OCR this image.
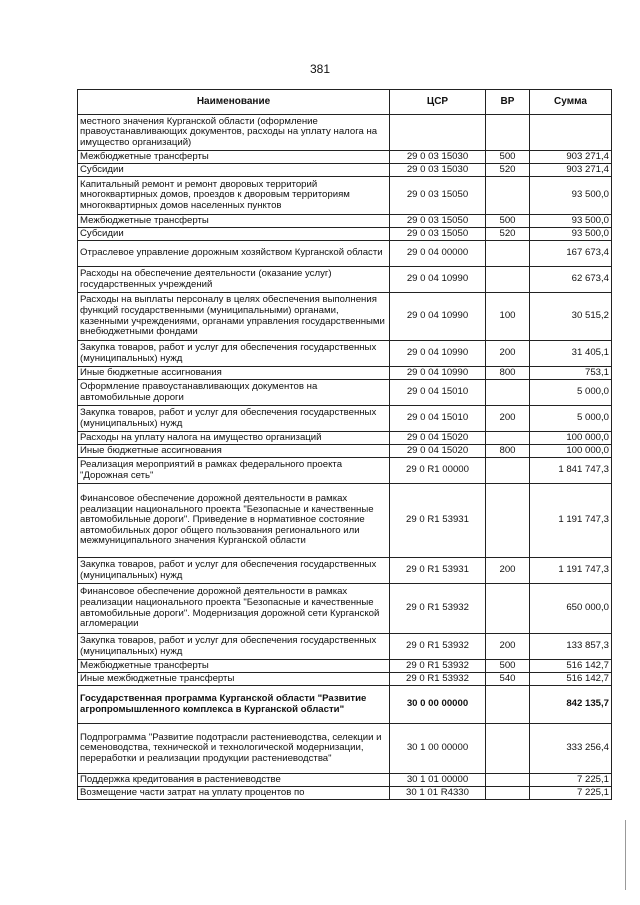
381
Наименование	ЦСР	ВР	Сумма
местного значения Курганской области (оформление правоустанавливающих документов, расходы на уплату налога на имущество организаций)			
Межбюджетные трансферты	29 0 03 15030	500	903 271,4
Субсидии	29 0 03 15030	520	903 271,4
Капитальный ремонт и ремонт дворовых территорий многоквартирных домов, проездов к дворовым территориям многоквартирных домов населенных пунктов	29 0 03 15050		93 500,0
Межбюджетные трансферты	29 0 03 15050	500	93 500,0
Субсидии	29 0 03 15050	520	93 500,0
Отраслевое управление дорожным хозяйством Курганской области	29 0 04 00000		167 673,4
Расходы на обеспечение деятельности (оказание услуг) государственных учреждений	29 0 04 10990		62 673,4
Расходы на выплаты персоналу в целях обеспечения выполнения функций государственными (муниципальными) органами, казенными учреждениями, органами управления государственными внебюджетными фондами	29 0 04 10990	100	30 515,2
Закупка товаров, работ и услуг для обеспечения государственных (муниципальных) нужд	29 0 04 10990	200	31 405,1
Иные бюджетные ассигнования	29 0 04 10990	800	753,1
Оформление правоустанавливающих документов на автомобильные дороги	29 0 04 15010		5 000,0
Закупка товаров, работ и услуг для обеспечения государственных (муниципальных) нужд	29 0 04 15010	200	5 000,0
Расходы на уплату налога на имущество организаций	29 0 04 15020		100 000,0
Иные бюджетные ассигнования	29 0 04 15020	800	100 000,0
Реализация мероприятий в рамках федерального проекта "Дорожная сеть"	29 0 R1 00000		1 841 747,3
Финансовое обеспечение дорожной деятельности в рамках реализации национального проекта "Безопасные и качественные автомобильные дороги". Приведение в нормативное состояние автомобильных дорог общего пользования регионального или межмуниципального значения Курганской области	29 0 R1 53931		1 191 747,3
Закупка товаров, работ и услуг для обеспечения государственных (муниципальных) нужд	29 0 R1 53931	200	1 191 747,3
Финансовое обеспечение дорожной деятельности в рамках реализации национального проекта "Безопасные и качественные автомобильные дороги". Модернизация дорожной сети Курганской агломерации	29 0 R1 53932		650 000,0
Закупка товаров, работ и услуг для обеспечения государственных (муниципальных) нужд	29 0 R1 53932	200	133 857,3
Межбюджетные трансферты	29 0 R1 53932	500	516 142,7
Иные межбюджетные трансферты	29 0 R1 53932	540	516 142,7
Государственная программа Курганской области "Развитие агропромышленного комплекса в Курганской области"	30 0 00 00000		842 135,7
Подпрограмма "Развитие подотрасли растениеводства, селекции и семеноводства, технической и технологической модернизации, переработки и реализации продукции растениеводства"	30 1 00 00000		333 256,4
Поддержка кредитования в растениеводстве	30 1 01 00000		7 225,1
Возмещение части затрат на уплату процентов по	30 1 01 R4330		7 225,1
